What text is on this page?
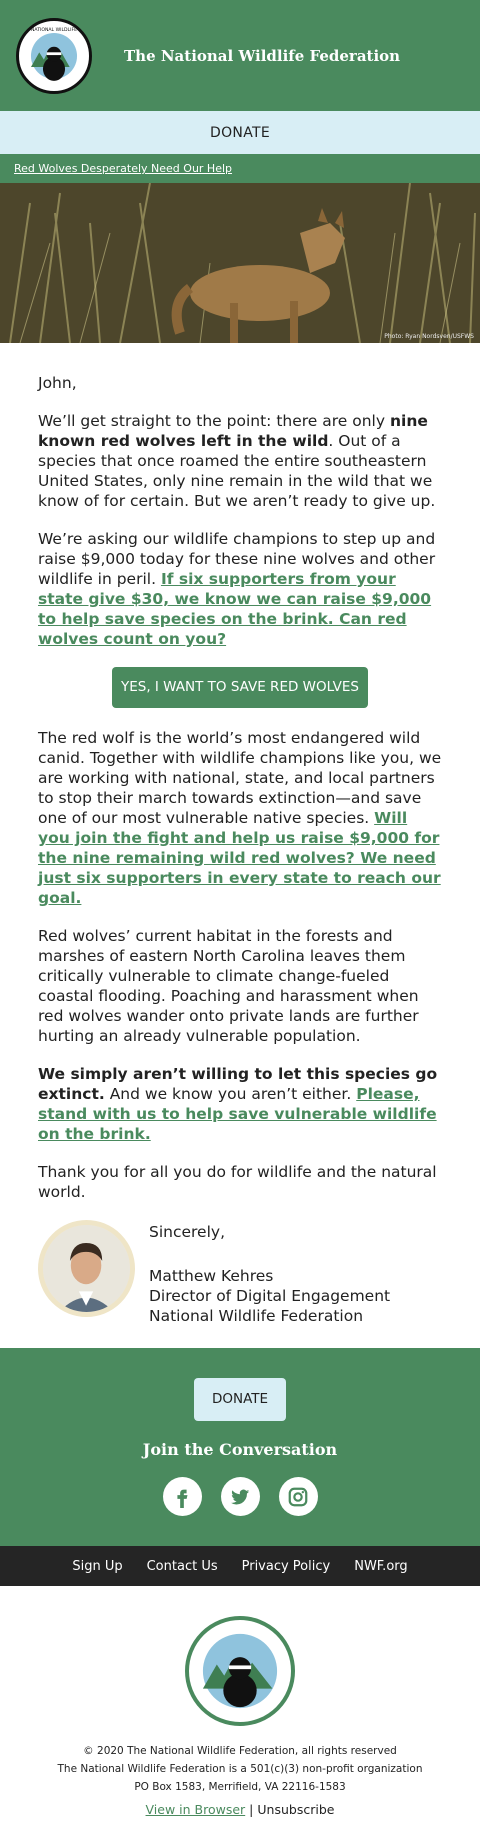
NATIONAL WILDLIFE
The National Wildlife Federation
DONATE
Red Wolves Desperately Need Our Help
Photo: Ryan Nordsven/USFWS

John,

We’ll get straight to the point: there are only nine known red wolves left in the wild. Out of a species that once roamed the entire southeastern United States, only nine remain in the wild that we know of for certain. But we aren’t ready to give up.

We’re asking our wildlife champions to step up and raise $9,000 today for these nine wolves and other wildlife in peril. If six supporters from your state give $30, we know we can raise $9,000 to help save species on the brink. Can red wolves count on you?

YES, I WANT TO SAVE RED WOLVES

The red wolf is the world’s most endangered wild canid. Together with wildlife champions like you, we are working with national, state, and local partners to stop their march towards extinction—and save one of our most vulnerable native species. Will you join the fight and help us raise $9,000 for the nine remaining wild red wolves? We need just six supporters in every state to reach our goal.

Red wolves’ current habitat in the forests and marshes of eastern North Carolina leaves them critically vulnerable to climate change-fueled coastal flooding. Poaching and harassment when red wolves wander onto private lands are further hurting an already vulnerable population.

We simply aren’t willing to let this species go extinct. And we know you aren’t either. Please, stand with us to help save vulnerable wildlife on the brink.

Thank you for all you do for wildlife and the natural world.

Sincerely,
Matthew Kehres
Director of Digital Engagement
National Wildlife Federation
DONATE
Join the Conversation
Sign Up Contact Us Privacy Policy NWF.org
© 2020 The National Wildlife Federation, all rights reserved
The National Wildlife Federation is a 501(c)(3) non-profit organization
PO Box 1583, Merrifield, VA 22116-1583
View in Browser | Unsubscribe
